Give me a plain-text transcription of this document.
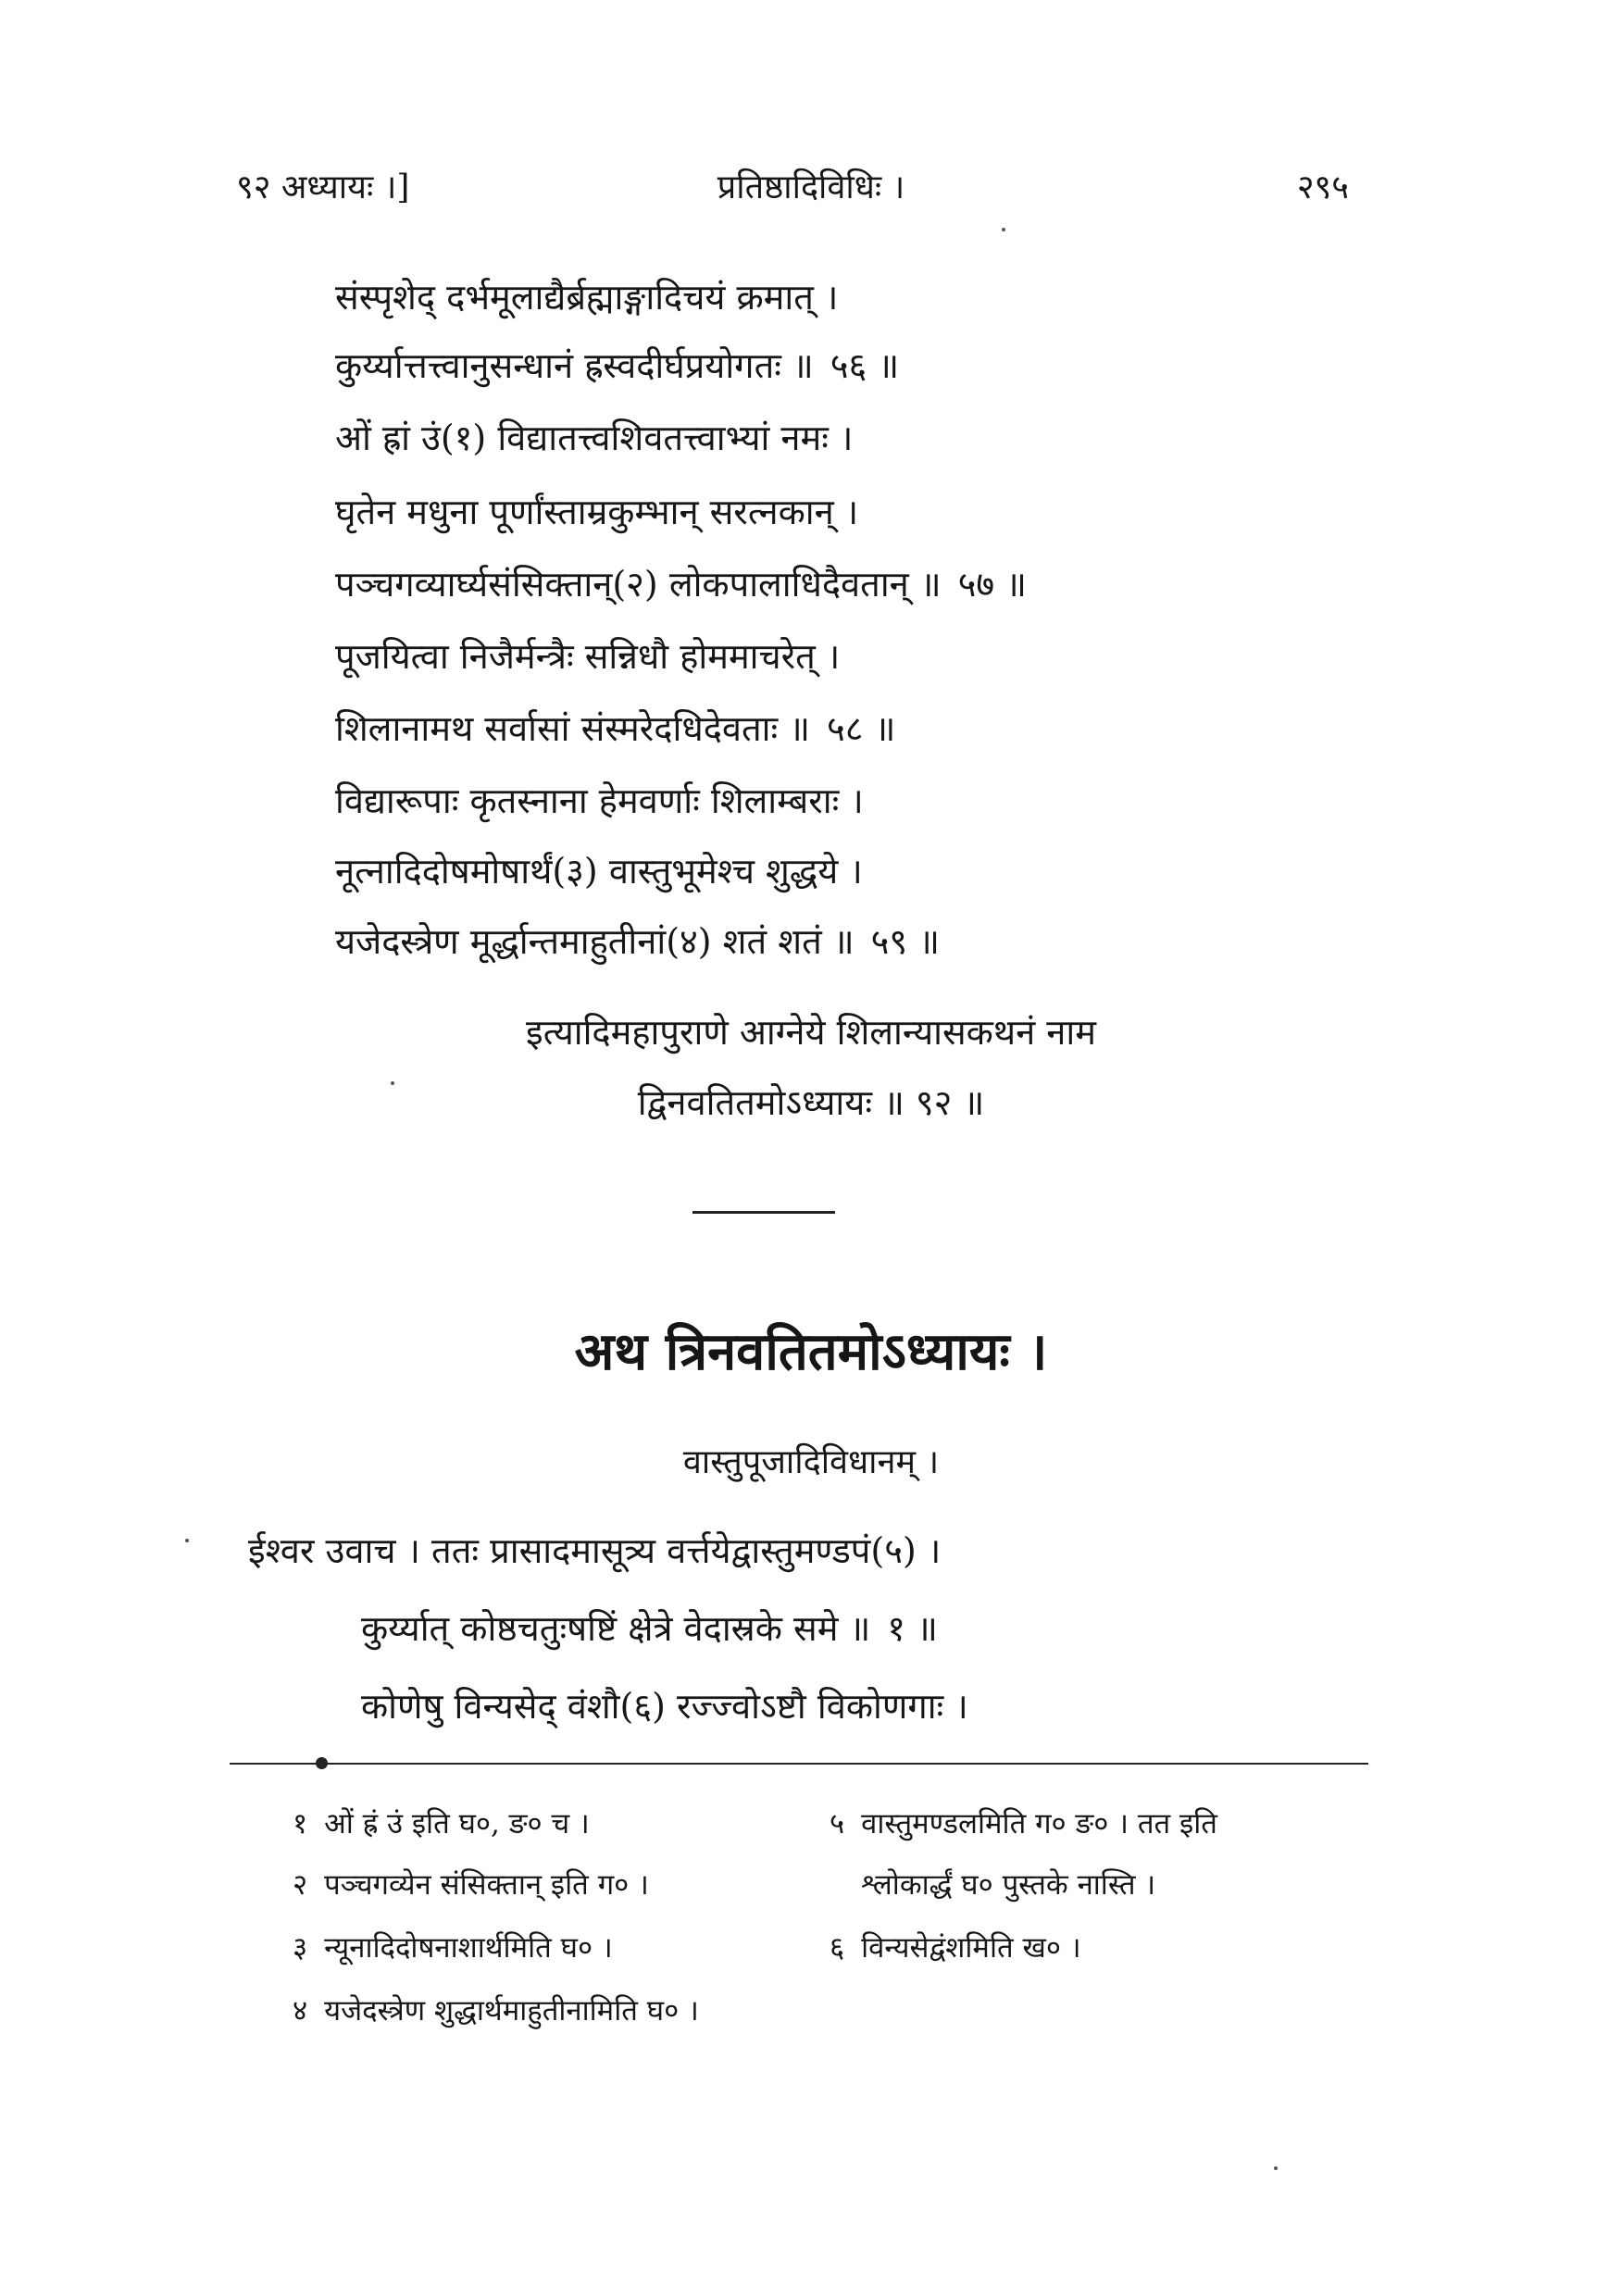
९२ अध्यायः ।]	प्रतिष्ठादिविधिः ।	२९५
संस्पृशेद् दर्भमूलाद्यैर्ब्रह्माङ्गादिचयं क्रमात् ।
कुर्य्यात्तत्त्वानुसन्धानं ह्रस्वदीर्घप्रयोगतः ॥ ५६ ॥
ओं ह्रां उं(१) विद्यातत्त्वशिवतत्त्वाभ्यां नमः ।
घृतेन मधुना पूर्णांस्ताम्रकुम्भान् सरत्नकान् ।
पञ्चगव्यार्घ्यसंसिक्तान्(२) लोकपालाधिदैवतान् ॥ ५७ ॥
पूजयित्वा निजैर्मन्त्रैः सन्निधौ होममाचरेत् ।
शिलानामथ सर्वासां संस्मरेदधिदेवताः ॥ ५८ ॥
विद्यारूपाः कृतस्नाना हेमवर्णाः शिलाम्बराः ।
नूत्नादिदोषमोषार्थं(३) वास्तुभूमेश्च शुद्धये ।
यजेदस्त्रेण मूर्द्धान्तमाहुतीनां(४) शतं शतं ॥ ५९ ॥
इत्यादिमहापुराणे आग्नेये शिलान्यासकथनं नाम
द्विनवतितमोऽध्यायः ॥ ९२ ॥
अथ त्रिनवतितमोऽध्यायः ।
वास्तुपूजादिविधानम् ।
ईश्वर उवाच । ततः प्रासादमासूत्र्य वर्त्तयेद्वास्तुमण्डपं(५) ।
कुर्य्यात् कोष्ठचतुःषष्टिं क्षेत्रे वेदास्रके समे ॥ १ ॥
कोणेषु विन्यसेद् वंशौ(६) रज्ज्वोऽष्टौ विकोणगाः ।
१ ओं ह्रं उं इति घ०, ङ० च ।
२ पञ्चगव्येन संसिक्तान् इति ग० ।
३ न्यूनादिदोषनाशार्थमिति घ० ।
४ यजेदस्त्रेण शुद्धार्थमाहुतीनामिति घ० ।
५ वास्तुमण्डलमिति ग० ङ० । तत इति
श्लोकार्द्धं घ० पुस्तके नास्ति ।
६ विन्यसेद्वंशमिति ख० ।
